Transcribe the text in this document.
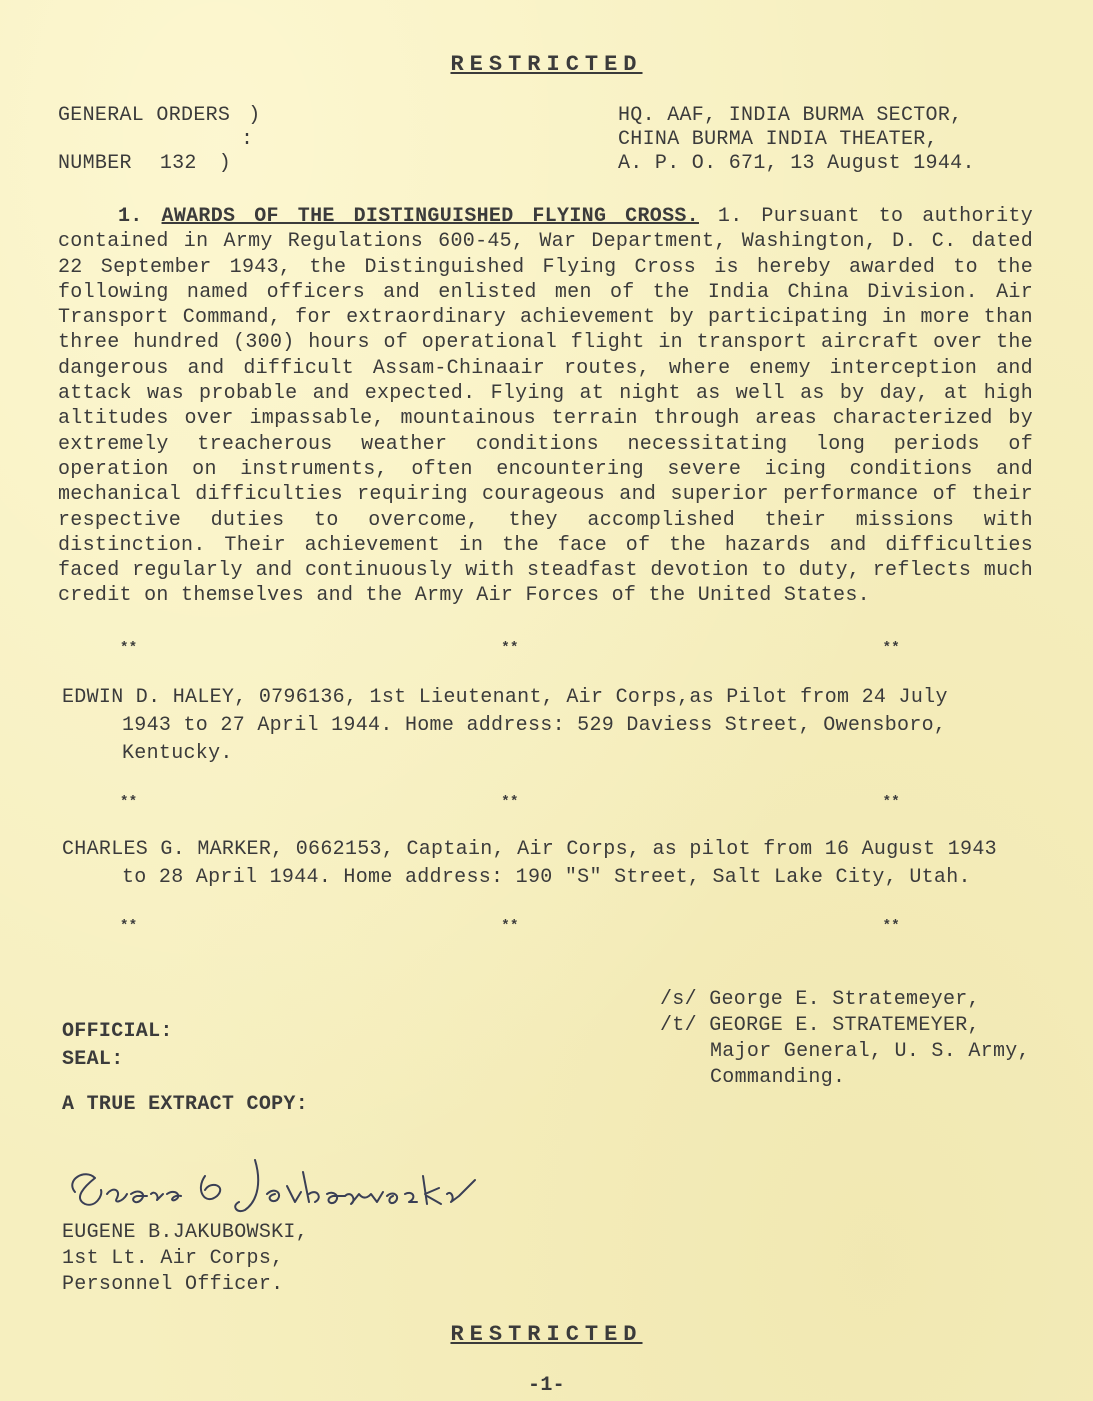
RESTRICTED
GENERAL ORDERS )
:
NUMBER 132 )
HQ. AAF, INDIA BURMA SECTOR,
CHINA BURMA INDIA THEATER,
A. P. O. 671, 13 August 1944.
1. AWARDS OF THE DISTINGUISHED FLYING CROSS. 1. Pursuant to authority contained in Army Regulations 600-45, War Department, Washington, D. C. dated 22 September 1943, the Distinguished Flying Cross is hereby awarded to the following named officers and enlisted men of the India China Division. Air Transport Command, for extraordinary achievement by participating in more than three hundred (300) hours of operational flight in transport aircraft over the dangerous and difficult Assam-Chinaair routes, where enemy interception and attack was probable and expected. Flying at night as well as by day, at high altitudes over impassable, mountainous terrain through areas characterized by extremely treacherous weather conditions necessitating long periods of operation on instruments, often encountering severe icing conditions and mechanical difficulties requiring courageous and superior performance of their respective duties to overcome, they accomplished their missions with distinction. Their achievement in the face of the hazards and difficulties faced regularly and continuously with steadfast devotion to duty, reflects much credit on themselves and the Army Air Forces of the United States.
**	**	**
EDWIN D. HALEY, 0796136, 1st Lieutenant, Air Corps,as Pilot from 24 July
1943 to 27 April 1944. Home address: 529 Daviess Street, Owensboro,
Kentucky.
**	**	**
CHARLES G. MARKER, 0662153, Captain, Air Corps, as pilot from 16 August 1943
to 28 April 1944. Home address: 190 "S" Street, Salt Lake City, Utah.
**	**	**
/s/ George E. Stratemeyer,
/t/ GEORGE E. STRATEMEYER,
Major General, U. S. Army,
Commanding.
OFFICIAL:
SEAL:
A TRUE EXTRACT COPY:
EUGENE B.JAKUBOWSKI,
1st Lt. Air Corps,
Personnel Officer.
RESTRICTED
-1-
